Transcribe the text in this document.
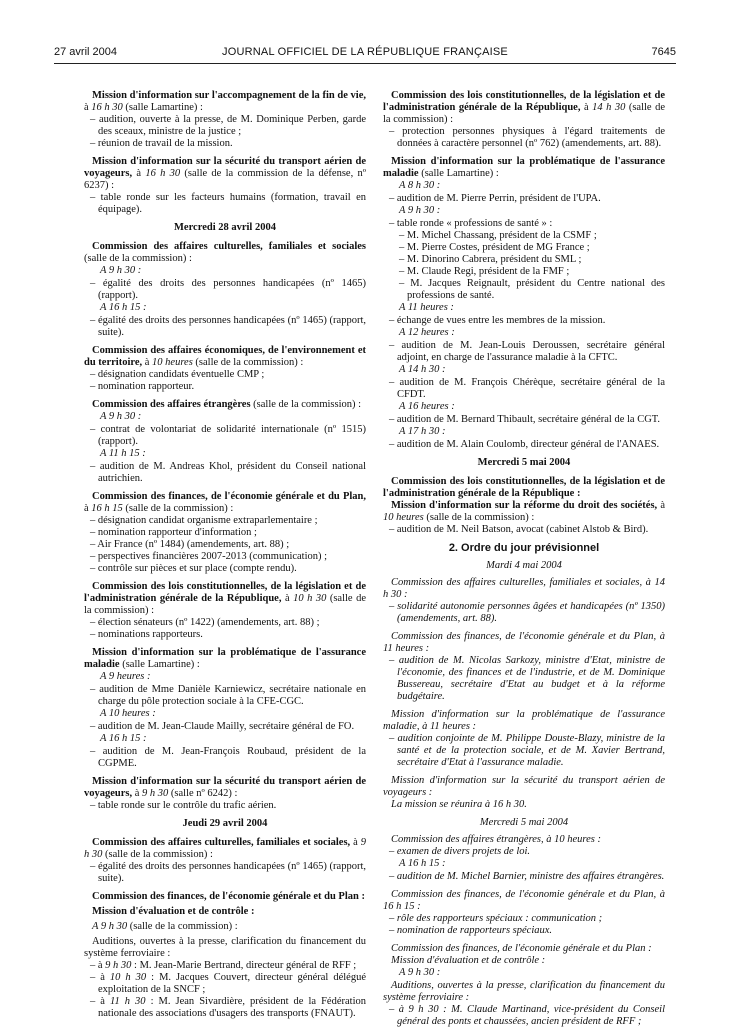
27 avril 2004	JOURNAL OFFICIEL DE LA RÉPUBLIQUE FRANÇAISE	7645
Mission d'information sur l'accompagnement de la fin de vie, à 16 h 30 (salle Lamartine) :
– audition, ouverte à la presse, de M. Dominique Perben, garde des sceaux, ministre de la justice ;
– réunion de travail de la mission.
Mission d'information sur la sécurité du transport aérien de voyageurs, à 16 h 30 (salle de la commission de la défense, nº 6237) :
– table ronde sur les facteurs humains (formation, travail en équipage).
Mercredi 28 avril 2004
Commission des affaires culturelles, familiales et sociales (salle de la commission) :
A 9 h 30 :
– égalité des droits des personnes handicapées (nº 1465) (rapport).
A 16 h 15 :
– égalité des droits des personnes handicapées (nº 1465) (rapport, suite).
Commission des affaires économiques, de l'environnement et du territoire, à 10 heures (salle de la commission) :
– désignation candidats éventuelle CMP ;
– nomination rapporteur.
Commission des affaires étrangères (salle de la commission) :
A 9 h 30 :
– contrat de volontariat de solidarité internationale (nº 1515) (rapport).
A 11 h 15 :
– audition de M. Andreas Khol, président du Conseil national autrichien.
Commission des finances, de l'économie générale et du Plan, à 16 h 15 (salle de la commission) :
– désignation candidat organisme extraparlementaire ;
– nomination rapporteur d'information ;
– Air France (nº 1484) (amendements, art. 88) ;
– perspectives financières 2007-2013 (communication) ;
– contrôle sur pièces et sur place (compte rendu).
Commission des lois constitutionnelles, de la législation et de l'administration générale de la République, à 10 h 30 (salle de la commission) :
– élection sénateurs (nº 1422) (amendements, art. 88) ;
– nominations rapporteurs.
Mission d'information sur la problématique de l'assurance maladie (salle Lamartine) :
A 9 heures :
– audition de Mme Danièle Karniewicz, secrétaire nationale en charge du pôle protection sociale à la CFE-CGC.
A 10 heures :
– audition de M. Jean-Claude Mailly, secrétaire général de FO.
A 16 h 15 :
– audition de M. Jean-François Roubaud, président de la CGPME.
Mission d'information sur la sécurité du transport aérien de voyageurs, à 9 h 30 (salle nº 6242) :
– table ronde sur le contrôle du trafic aérien.
Jeudi 29 avril 2004
Commission des affaires culturelles, familiales et sociales, à 9 h 30 (salle de la commission) :
– égalité des droits des personnes handicapées (nº 1465) (rapport, suite).
Commission des finances, de l'économie générale et du Plan :
Mission d'évaluation et de contrôle :
A 9 h 30 (salle de la commission) :
Auditions, ouvertes à la presse, clarification du financement du système ferroviaire :
– à 9 h 30 : M. Jean-Marie Bertrand, directeur général de RFF ;
– à 10 h 30 : M. Jacques Couvert, directeur général délégué exploitation de la SNCF ;
– à 11 h 30 : M. Jean Sivardière, président de la Fédération nationale des associations d'usagers des transports (FNAUT).
Commission des lois constitutionnelles, de la législation et de l'administration générale de la République, à 14 h 30 (salle de la commission) :
– protection personnes physiques à l'égard traitements de données à caractère personnel (nº 762) (amendements, art. 88).
Mission d'information sur la problématique de l'assurance maladie (salle Lamartine) :
A 8 h 30 :
– audition de M. Pierre Perrin, président de l'UPA.
A 9 h 30 :
– table ronde « professions de santé » :
– M. Michel Chassang, président de la CSMF ;
– M. Pierre Costes, président de MG France ;
– M. Dinorino Cabrera, président du SML ;
– M. Claude Regi, président de la FMF ;
– M. Jacques Reignault, président du Centre national des professions de santé.
A 11 heures :
– échange de vues entre les membres de la mission.
A 12 heures :
– audition de M. Jean-Louis Deroussen, secrétaire général adjoint, en charge de l'assurance maladie à la CFTC.
A 14 h 30 :
– audition de M. François Chérèque, secrétaire général de la CFDT.
A 16 heures :
– audition de M. Bernard Thibault, secrétaire général de la CGT.
A 17 h 30 :
– audition de M. Alain Coulomb, directeur général de l'ANAES.
Mercredi 5 mai 2004
Commission des lois constitutionnelles, de la législation et de l'administration générale de la République :
Mission d'information sur la réforme du droit des sociétés, à 10 heures (salle de la commission) :
– audition de M. Neil Batson, avocat (cabinet Alstob & Bird).
2. Ordre du jour prévisionnel
Mardi 4 mai 2004
Commission des affaires culturelles, familiales et sociales, à 14 h 30 :
– solidarité autonomie personnes âgées et handicapées (nº 1350) (amendements, art. 88).
Commission des finances, de l'économie générale et du Plan, à 11 heures :
– audition de M. Nicolas Sarkozy, ministre d'Etat, ministre de l'économie, des finances et de l'industrie, et de M. Dominique Bussereau, secrétaire d'Etat au budget et à la réforme budgétaire.
Mission d'information sur la problématique de l'assurance maladie, à 11 heures :
– audition conjointe de M. Philippe Douste-Blazy, ministre de la santé et de la protection sociale, et de M. Xavier Bertrand, secrétaire d'Etat à l'assurance maladie.
Mission d'information sur la sécurité du transport aérien de voyageurs :
La mission se réunira à 16 h 30.
Mercredi 5 mai 2004
Commission des affaires étrangères, à 10 heures :
– examen de divers projets de loi.
A 16 h 15 :
– audition de M. Michel Barnier, ministre des affaires étrangères.
Commission des finances, de l'économie générale et du Plan, à 16 h 15 :
– rôle des rapporteurs spéciaux : communication ;
– nomination de rapporteurs spéciaux.
Commission des finances, de l'économie générale et du Plan :
Mission d'évaluation et de contrôle :
A 9 h 30 :
Auditions, ouvertes à la presse, clarification du financement du système ferroviaire :
– à 9 h 30 : M. Claude Martinand, vice-président du Conseil général des ponts et chaussées, ancien président de RFF ;
